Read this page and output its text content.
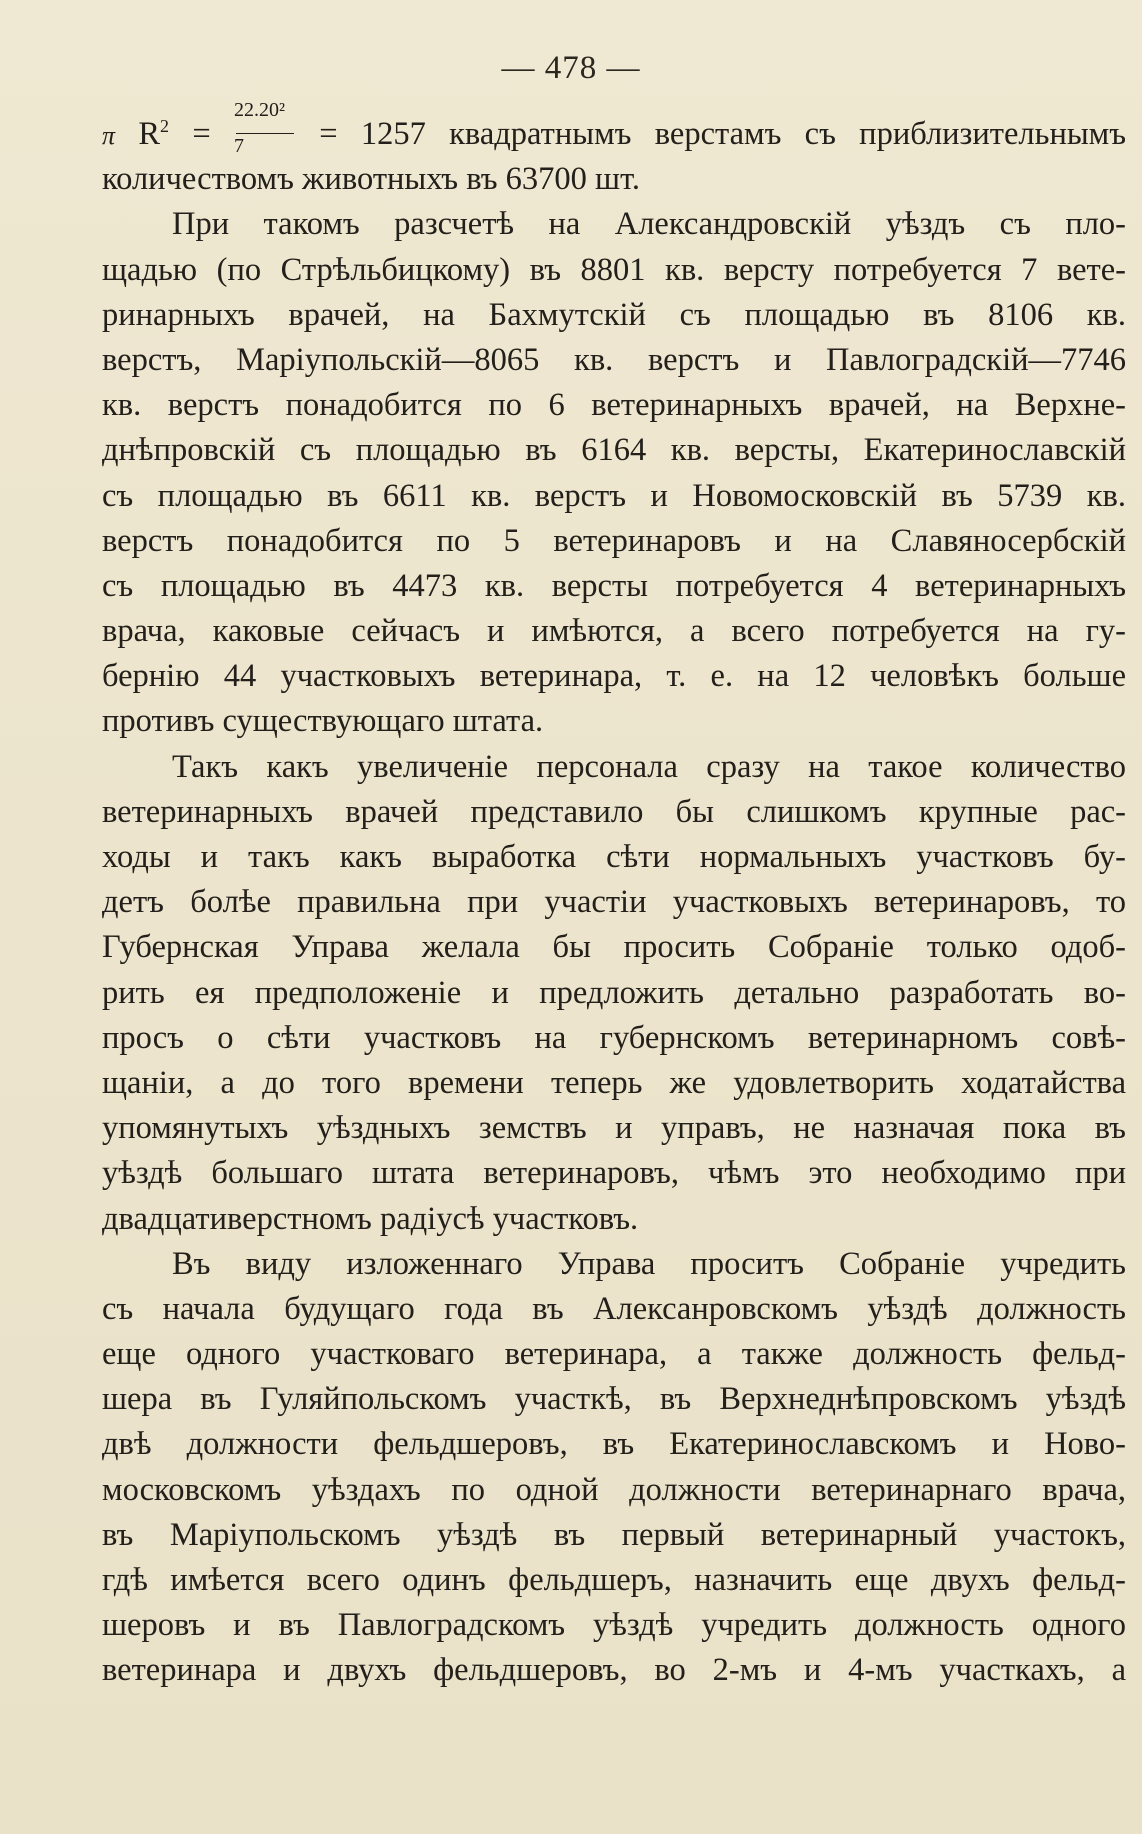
— 478 —
π $R^2 = \frac{\text{22.20²}}{7} = 1257$ квадратнымъ верстамъ съ приблизительнымъ
количествомъ животныхъ въ 63700 шт.
При такомъ разсчетѣ на Александровскій уѣздъ съ пло-
щадью (по Стрѣльбицкому) въ 8801 кв. версту потребуется 7 вете-
ринарныхъ врачей, на Бахмутскій съ площадью въ 8106 кв.
верстъ, Маріупольскій—8065 кв. верстъ и Павлоградскій—7746
кв. верстъ понадобится по 6 ветеринарныхъ врачей, на Верхне-
днѣпровскій съ площадью въ 6164 кв. версты, Екатеринославскій
съ площадью въ 6611 кв. верстъ и Новомосковскій въ 5739 кв.
верстъ понадобится по 5 ветеринаровъ и на Славяносербскій
съ площадью въ 4473 кв. версты потребуется 4 ветеринарныхъ
врача, каковые сейчасъ и имѣются, а всего потребуется на гу-
бернію 44 участковыхъ ветеринара, т. е. на 12 человѣкъ больше
противъ существующаго штата.
Такъ какъ увеличеніе персонала сразу на такое количество
ветеринарныхъ врачей представило бы слишкомъ крупные рас-
ходы и такъ какъ выработка сѣти нормальныхъ участковъ бу-
детъ болѣе правильна при участіи участковыхъ ветеринаровъ, то
Губернская Управа желала бы просить Собраніе только одоб-
рить ея предположеніе и предложить детально разработать во-
просъ о сѣти участковъ на губернскомъ ветеринарномъ совѣ-
щаніи, а до того времени теперь же удовлетворить ходатайства
упомянутыхъ уѣздныхъ земствъ и управъ, не назначая пока въ
уѣздѣ большаго штата ветеринаровъ, чѣмъ это необходимо при
двадцативерстномъ радіусѣ участковъ.
Въ виду изложеннаго Управа проситъ Собраніе учредить
съ начала будущаго года въ Алексанровскомъ уѣздѣ должность
еще одного участковаго ветеринара, а также должность фельд-
шера въ Гуляйпольскомъ участкѣ, въ Верхнеднѣпровскомъ уѣздѣ
двѣ должности фельдшеровъ, въ Екатеринославскомъ и Ново-
московскомъ уѣздахъ по одной должности ветеринарнаго врача,
въ Маріупольскомъ уѣздѣ въ первый ветеринарный участокъ,
гдѣ имѣется всего одинъ фельдшеръ, назначить еще двухъ фельд-
шеровъ и въ Павлоградскомъ уѣздѣ учредить должность одного
ветеринара и двухъ фельдшеровъ, во 2-мъ и 4-мъ участкахъ, а
